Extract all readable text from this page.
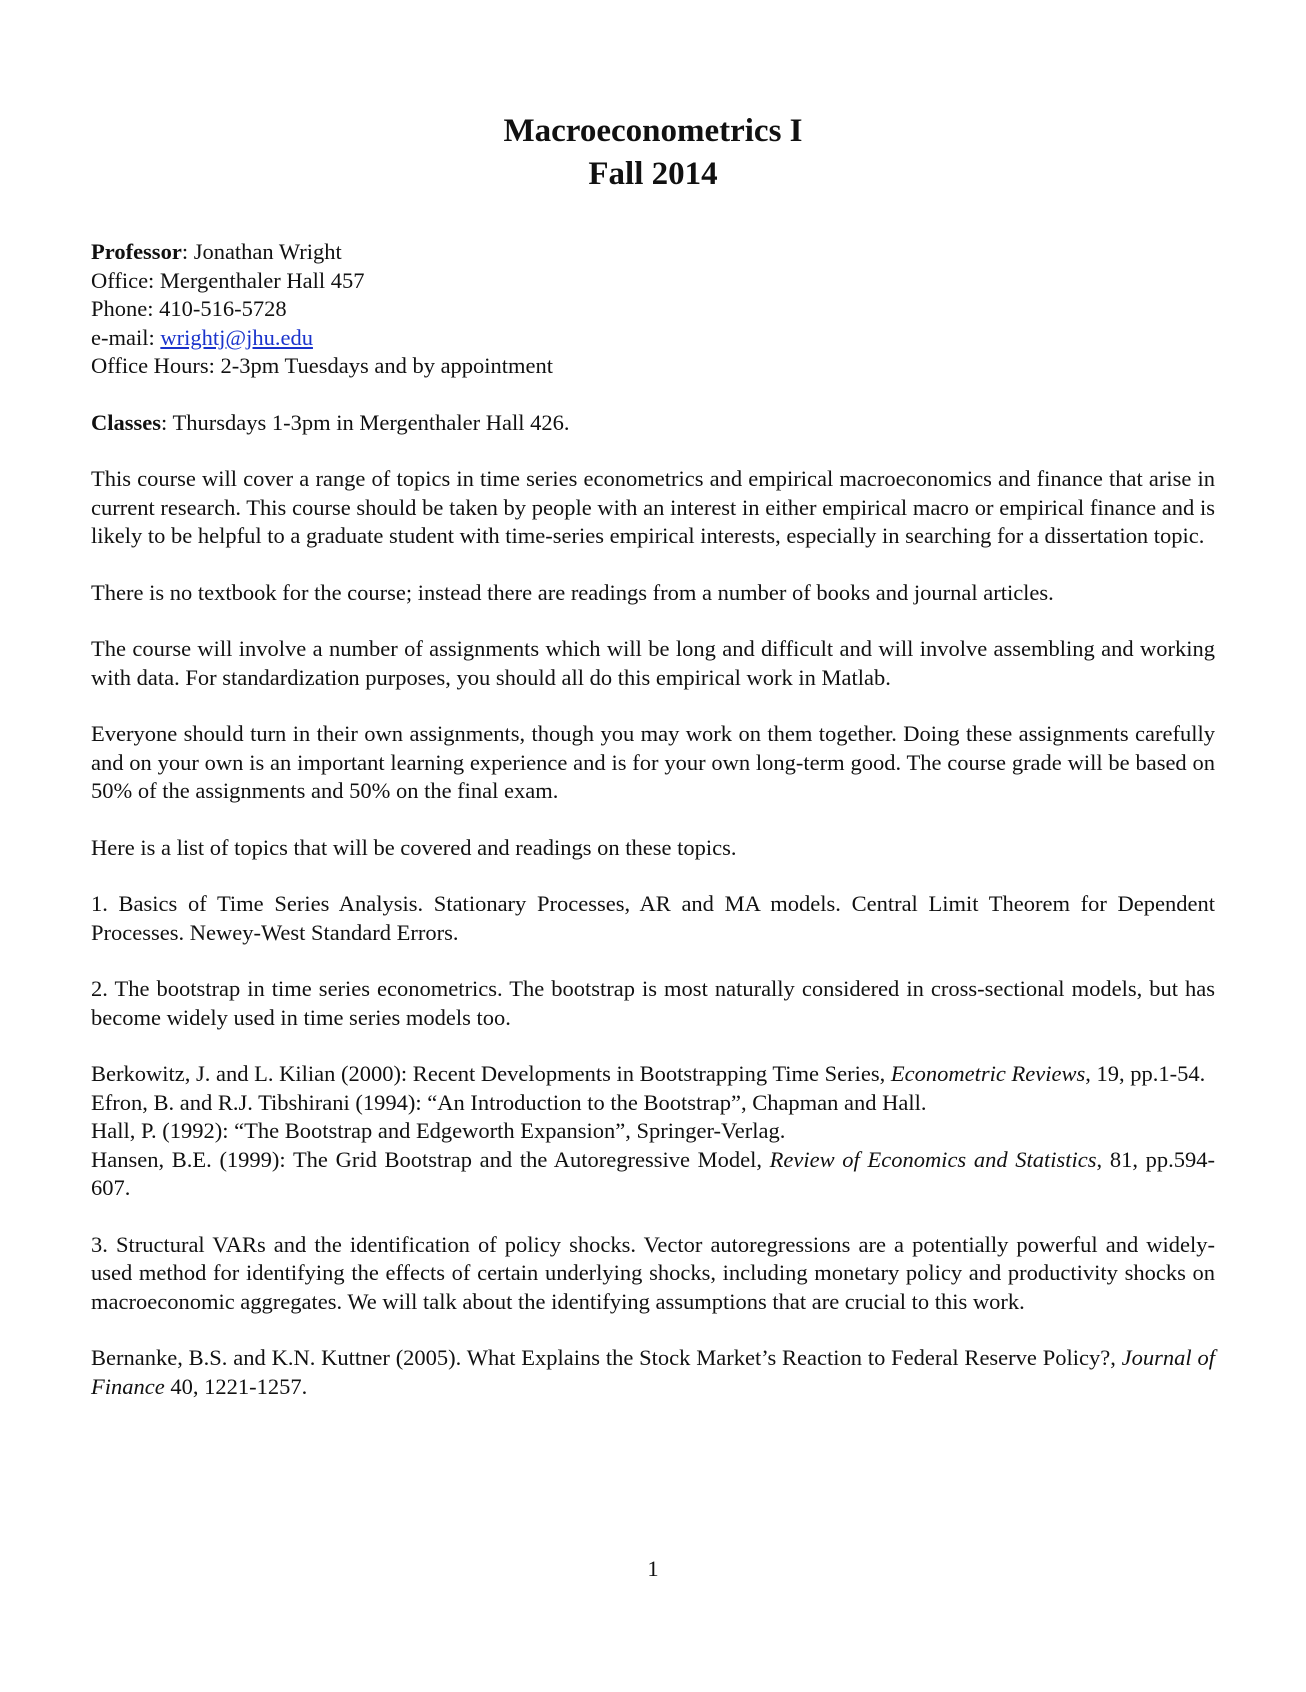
Macroeconometrics I
Fall 2014
Professor: Jonathan Wright
Office: Mergenthaler Hall 457
Phone: 410-516-5728
e-mail: wrightj@jhu.edu
Office Hours: 2-3pm Tuesdays and by appointment

Classes: Thursdays 1-3pm in Mergenthaler Hall 426.

This course will cover a range of topics in time series econometrics and empirical macroeconomics and finance that arise in current research. This course should be taken by people with an interest in either empirical macro or empirical finance and is likely to be helpful to a graduate student with time-series empirical interests, especially in searching for a dissertation topic.

There is no textbook for the course; instead there are readings from a number of books and journal articles.

The course will involve a number of assignments which will be long and difficult and will involve assembling and working with data. For standardization purposes, you should all do this empirical work in Matlab.

Everyone should turn in their own assignments, though you may work on them together. Doing these assignments carefully and on your own is an important learning experience and is for your own long-term good. The course grade will be based on 50% of the assignments and 50% on the final exam.

Here is a list of topics that will be covered and readings on these topics.

1. Basics of Time Series Analysis. Stationary Processes, AR and MA models. Central Limit Theorem for Dependent Processes. Newey-West Standard Errors.

2. The bootstrap in time series econometrics. The bootstrap is most naturally considered in cross-sectional models, but has become widely used in time series models too.

Berkowitz, J. and L. Kilian (2000): Recent Developments in Bootstrapping Time Series, Econometric Reviews, 19, pp.1-54.
Efron, B. and R.J. Tibshirani (1994): “An Introduction to the Bootstrap”, Chapman and Hall.
Hall, P. (1992): “The Bootstrap and Edgeworth Expansion”, Springer-Verlag.
Hansen, B.E. (1999): The Grid Bootstrap and the Autoregressive Model, Review of Economics and Statistics, 81, pp.594-607.

3. Structural VARs and the identification of policy shocks. Vector autoregressions are a potentially powerful and widely-used method for identifying the effects of certain underlying shocks, including monetary policy and productivity shocks on macroeconomic aggregates. We will talk about the identifying assumptions that are crucial to this work.

Bernanke, B.S. and K.N. Kuttner (2005). What Explains the Stock Market’s Reaction to Federal Reserve Policy?, Journal of Finance 40, 1221-1257.
1
